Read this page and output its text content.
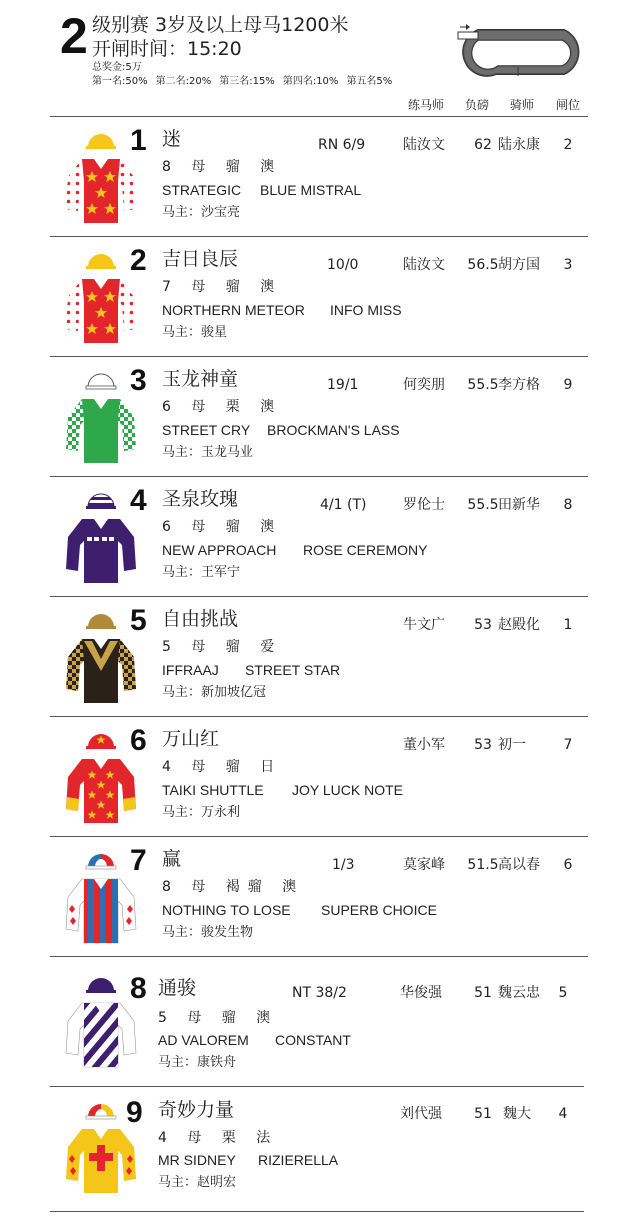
2 级别赛 3岁及以上母马1200米
开闸时间：15:20
总奖金:5万
第一名:50% 第二名:20% 第三名:15% 第四名:10% 第五名5%
练马师 负磅 骑师 闸位
1 迷	RN 6/9	陆汝文	62 陆永康	2
8 母 骝 澳
STRATEGIC BLUE MISTRAL
马主：沙宝亮
2 吉日良辰	10/0	陆汝文	56.5 胡方国	3
7 母 骝 澳
NORTHERN METEOR INFO MISS
马主：骏星
3 玉龙神童	19/1	何奕朋	55.5 李方格	9
6 母 栗 澳
STREET CRY BROCKMAN'S LASS
马主：玉龙马业
4 圣泉玫瑰	4/1 (T)	罗伦士	55.5 田新华	8
6 母 骝 澳
NEW APPROACH ROSE CEREMONY
马主：王军宁
5 自由挑战	牛文广	53 赵殿化	1
5 母 骝 爱
IFFRAAJ STREET STAR
马主：新加坡亿冠
6 万山红	董小军	53 初一	7
4 母 骝 日
TAIKI SHUTTLE JOY LUCK NOTE
马主：万永利
7 赢	1/3	莫家峰	51.5 高以春	6
8 母 褐骝 澳
NOTHING TO LOSE SUPERB CHOICE
马主：骏发生物
8 通骏	NT 38/2	华俊强	51 魏云忠	5
5 母 骝 澳
AD VALOREM CONSTANT
马主：康铁舟
9 奇妙力量	刘代强	51 魏大	4
4 母 栗 法
MR SIDNEY RIZIERELLA
马主：赵明宏
